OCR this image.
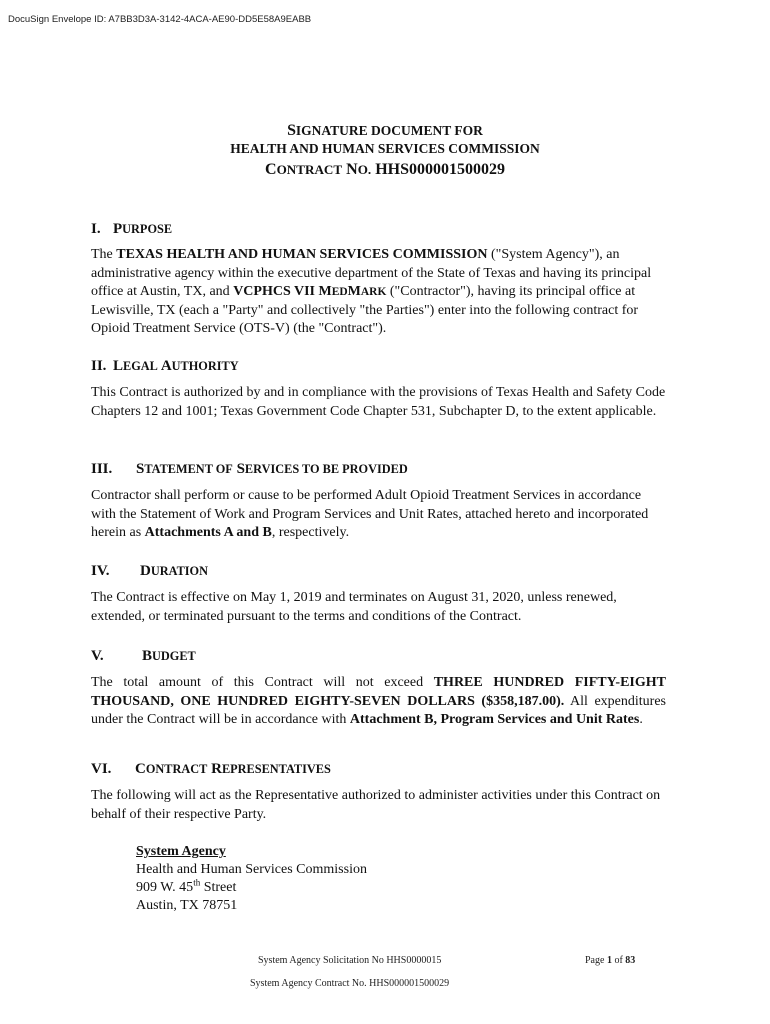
DocuSign Envelope ID: A7BB3D3A-3142-4ACA-AE90-DD5E58A9EABB
SIGNATURE DOCUMENT FOR
HEALTH AND HUMAN SERVICES COMMISSION
CONTRACT NO. HHS000001500029
I. PURPOSE
The TEXAS HEALTH AND HUMAN SERVICES COMMISSION ("System Agency"), an administrative agency within the executive department of the State of Texas and having its principal office at Austin, TX, and VCPHCS VII MEDMARK ("Contractor"), having its principal office at Lewisville, TX (each a "Party" and collectively "the Parties") enter into the following contract for Opioid Treatment Service (OTS-V) (the "Contract").
II. LEGAL AUTHORITY
This Contract is authorized by and in compliance with the provisions of Texas Health and Safety Code Chapters 12 and 1001; Texas Government Code Chapter 531, Subchapter D, to the extent applicable.
III. STATEMENT OF SERVICES TO BE PROVIDED
Contractor shall perform or cause to be performed Adult Opioid Treatment Services in accordance with the Statement of Work and Program Services and Unit Rates, attached hereto and incorporated herein as Attachments A and B, respectively.
IV. DURATION
The Contract is effective on May 1, 2019 and terminates on August 31, 2020, unless renewed, extended, or terminated pursuant to the terms and conditions of the Contract.
V.	BUDGET
The total amount of this Contract will not exceed THREE HUNDRED FIFTY-EIGHT THOUSAND, ONE HUNDRED EIGHTY-SEVEN DOLLARS ($358,187.00). All expenditures under the Contract will be in accordance with Attachment B, Program Services and Unit Rates.
VI. CONTRACT REPRESENTATIVES
The following will act as the Representative authorized to administer activities under this Contract on behalf of their respective Party.
System Agency
Health and Human Services Commission
909 W. 45th Street
Austin, TX 78751
System Agency Solicitation No HHS0000015	Page 1 of 83
System Agency Contract No. HHS000001500029
